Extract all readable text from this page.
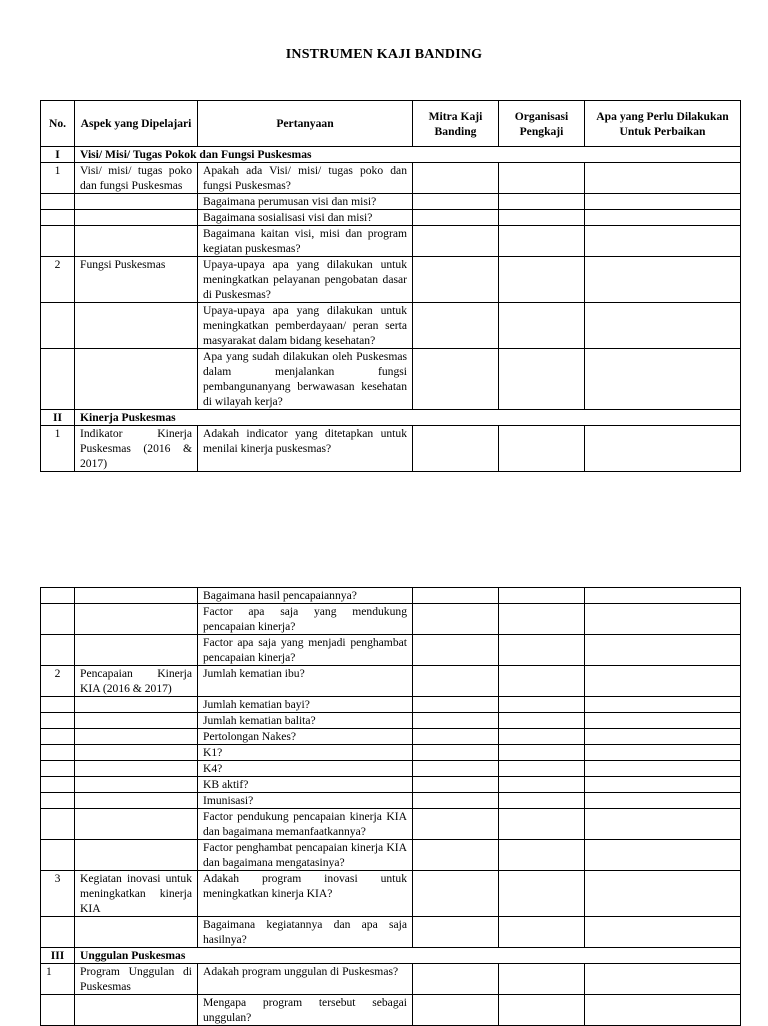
INSTRUMEN KAJI BANDING
No.	Aspek yang Dipelajari	Pertanyaan	Mitra Kaji Banding	Organisasi Pengkaji	Apa yang Perlu Dilakukan Untuk Perbaikan
I	Visi/ Misi/ Tugas Pokok dan Fungsi Puskesmas				
1	Visi/ misi/ tugas poko dan fungsi Puskesmas	Apakah ada Visi/ misi/ tugas poko dan fungsi Puskesmas?			
		Bagaimana perumusan visi dan misi?			
		Bagaimana sosialisasi visi dan misi?			
		Bagaimana kaitan visi, misi dan program kegiatan puskesmas?			
2	Fungsi Puskesmas	Upaya-upaya apa yang dilakukan untuk meningkatkan pelayanan pengobatan dasar di Puskesmas?			
		Upaya-upaya apa yang dilakukan untuk meningkatkan pemberdayaan/ peran serta masyarakat dalam bidang kesehatan?			
		Apa yang sudah dilakukan oleh Puskesmas dalam menjalankan fungsi pembangunanyang berwawasan kesehatan di wilayah kerja?			
II	Kinerja Puskesmas				
1	Indikator Kinerja Puskesmas (2016 & 2017)	Adakah indicator yang ditetapkan untuk menilai kinerja puskesmas?			
		Bagaimana hasil pencapaiannya?			
		Factor apa saja yang mendukung pencapaian kinerja?			
		Factor apa saja yang menjadi penghambat pencapaian kinerja?			
2	Pencapaian Kinerja KIA (2016 & 2017)	Jumlah kematian ibu?			
		Jumlah kematian bayi?			
		Jumlah kematian balita?			
		Pertolongan Nakes?			
		K1?			
		K4?			
		KB aktif?			
		Imunisasi?			
		Factor pendukung pencapaian kinerja KIA dan bagaimana memanfaatkannya?			
		Factor penghambat pencapaian kinerja KIA dan bagaimana mengatasinya?			
3	Kegiatan inovasi untuk meningkatkan kinerja KIA	Adakah program inovasi untuk meningkatkan kinerja KIA?			
		Bagaimana kegiatannya dan apa saja hasilnya?			
III	Unggulan Puskesmas				
1	Program Unggulan di Puskesmas	Adakah program unggulan di Puskesmas?			
		Mengapa program tersebut sebagai unggulan?			
